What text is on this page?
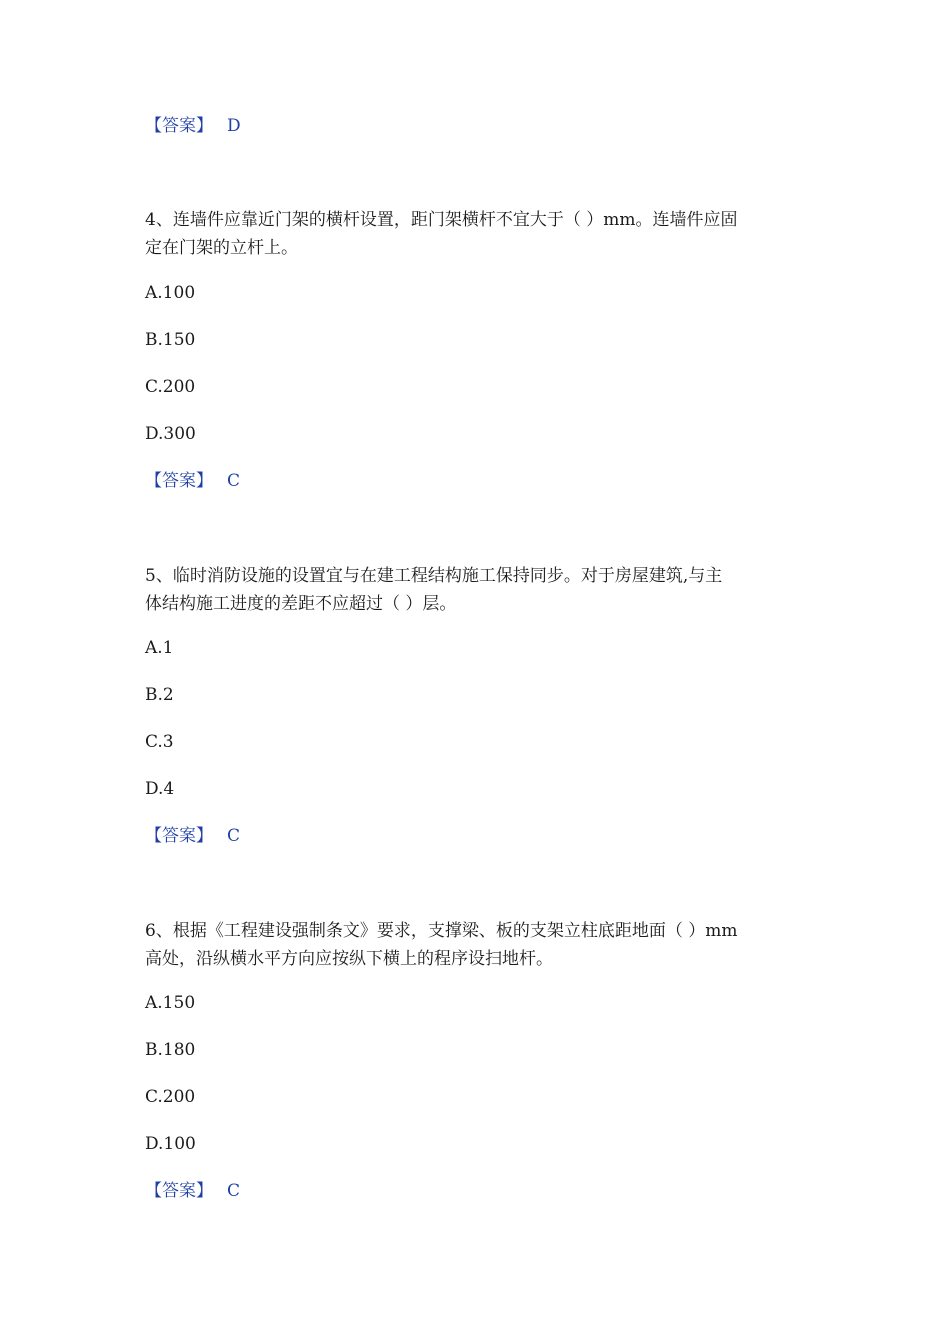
【答案】 D
4、连墙件应靠近门架的横杆设置，距门架横杆不宜大于（ ）mm。连墙件应固
定在门架的立杆上。
A.100
B.150
C.200
D.300
【答案】 C
5、临时消防设施的设置宜与在建工程结构施工保持同步。对于房屋建筑,与主
体结构施工进度的差距不应超过（ ）层。
A.1
B.2
C.3
D.4
【答案】 C
6、根据《工程建设强制条文》要求，支撑梁、板的支架立柱底距地面（ ）mm
高处，沿纵横水平方向应按纵下横上的程序设扫地杆。
A.150
B.180
C.200
D.100
【答案】 C
